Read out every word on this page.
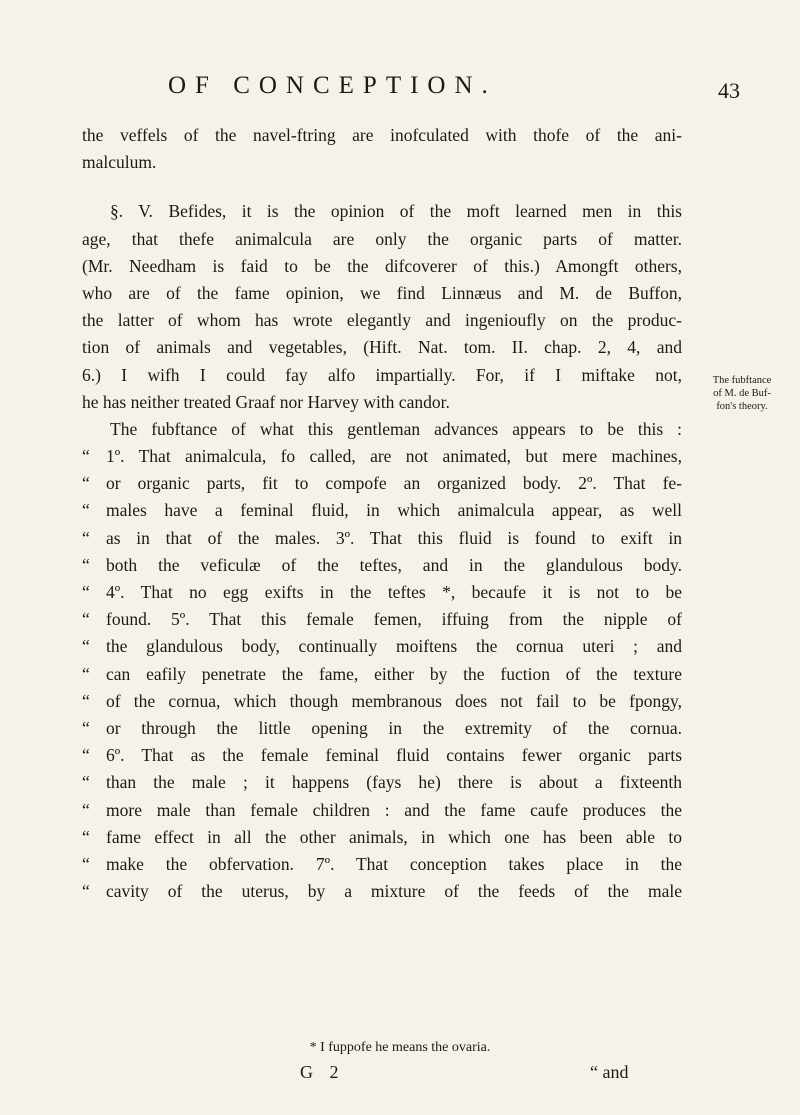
OF CONCEPTION.	43
the veffels of the navel-ftring are inofculated with thofe of the ani-
malculum.
§. V. Befides, it is the opinion of the moft learned men in this
age, that thefe animalcula are only the organic parts of matter.
(Mr. Needham is faid to be the difcoverer of this.) Amongft others,
who are of the fame opinion, we find Linnæus and M. de Buffon,
the latter of whom has wrote elegantly and ingenioufly on the produc-
tion of animals and vegetables, (Hift. Nat. tom. II. chap. 2, 4, and
6.) I wifh I could fay alfo impartially. For, if I miftake not,
he has neither treated Graaf nor Harvey with candor.
The fubftance of what this gentleman advances appears to be this :
“ 1º. That animalcula, fo called, are not animated, but mere machines,
“ or organic parts, fit to compofe an organized body. 2º. That fe-
“ males have a feminal fluid, in which animalcula appear, as well
“ as in that of the males. 3º. That this fluid is found to exift in
“ both the veficulæ of the teftes, and in the glandulous body.
“ 4º. That no egg exifts in the teftes *, becaufe it is not to be
“ found. 5º. That this female femen, iffuing from the nipple of
“ the glandulous body, continually moiftens the cornua uteri ; and
“ can eafily penetrate the fame, either by the fuction of the texture
“ of the cornua, which though membranous does not fail to be fpongy,
“ or through the little opening in the extremity of the cornua.
“ 6º. That as the female feminal fluid contains fewer organic parts
“ than the male ; it happens (fays he) there is about a fixteenth
“ more male than female children : and the fame caufe produces the
“ fame effect in all the other animals, in which one has been able to
“ make the obfervation. 7º. That conception takes place in the
“ cavity of the uterus, by a mixture of the feeds of the male
The fubftance
of M. de Buf-
fon's theory.
* I fuppofe he means the ovaria.
G 2	“ and
